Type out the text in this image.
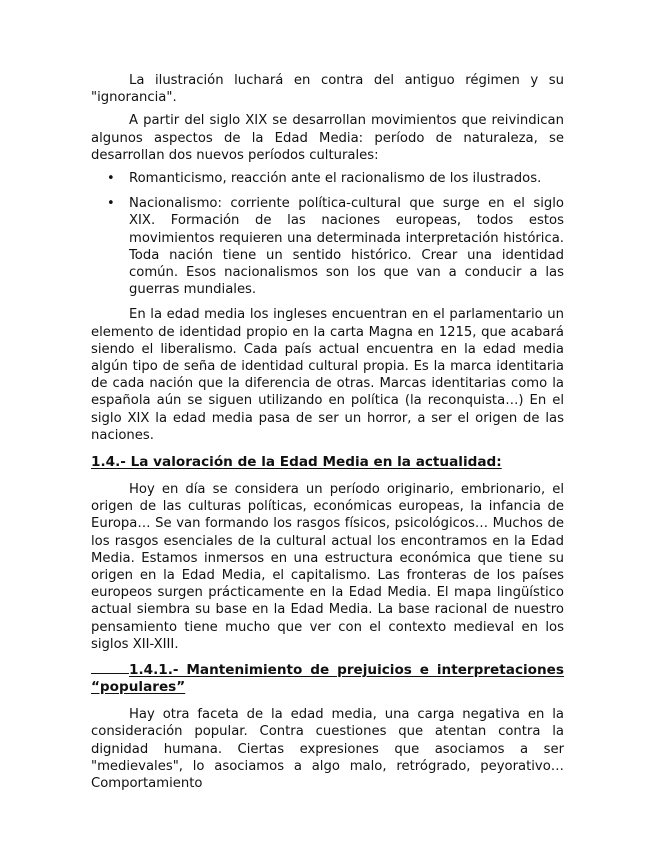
La ilustración luchará en contra del antiguo régimen y su "ignorancia".

A partir del siglo XIX se desarrollan movimientos que reivindican algunos aspectos de la Edad Media: período de naturaleza, se desarrollan dos nuevos períodos culturales:

• Romanticismo, reacción ante el racionalismo de los ilustrados.
• Nacionalismo: corriente política-cultural que surge en el siglo XIX. Formación de las naciones europeas, todos estos movimientos requieren una determinada interpretación histórica. Toda nación tiene un sentido histórico. Crear una identidad común. Esos nacionalismos son los que van a conducir a las guerras mundiales.

En la edad media los ingleses encuentran en el parlamentario un elemento de identidad propio en la carta Magna en 1215, que acabará siendo el liberalismo. Cada país actual encuentra en la edad media algún tipo de seña de identidad cultural propia. Es la marca identitaria de cada nación que la diferencia de otras. Marcas identitarias como la española aún se siguen utilizando en política (la reconquista…) En el siglo XIX la edad media pasa de ser un horror, a ser el origen de las naciones.

1.4.- La valoración de la Edad Media en la actualidad:

Hoy en día se considera un período originario, embrionario, el origen de las culturas políticas, económicas europeas, la infancia de Europa… Se van formando los rasgos físicos, psicológicos… Muchos de los rasgos esenciales de la cultural actual los encontramos en la Edad Media. Estamos inmersos en una estructura económica que tiene su origen en la Edad Media, el capitalismo. Las fronteras de los países europeos surgen prácticamente en la Edad Media. El mapa lingüístico actual siembra su base en la Edad Media. La base racional de nuestro pensamiento tiene mucho que ver con el contexto medieval en los siglos XII-XIII.

1.4.1.- Mantenimiento de prejuicios e interpretaciones “populares”

Hay otra faceta de la edad media, una carga negativa en la consideración popular. Contra cuestiones que atentan contra la dignidad humana. Ciertas expresiones que asociamos a ser "medievales", lo asociamos a algo malo, retrógrado, peyorativo… Comportamiento
